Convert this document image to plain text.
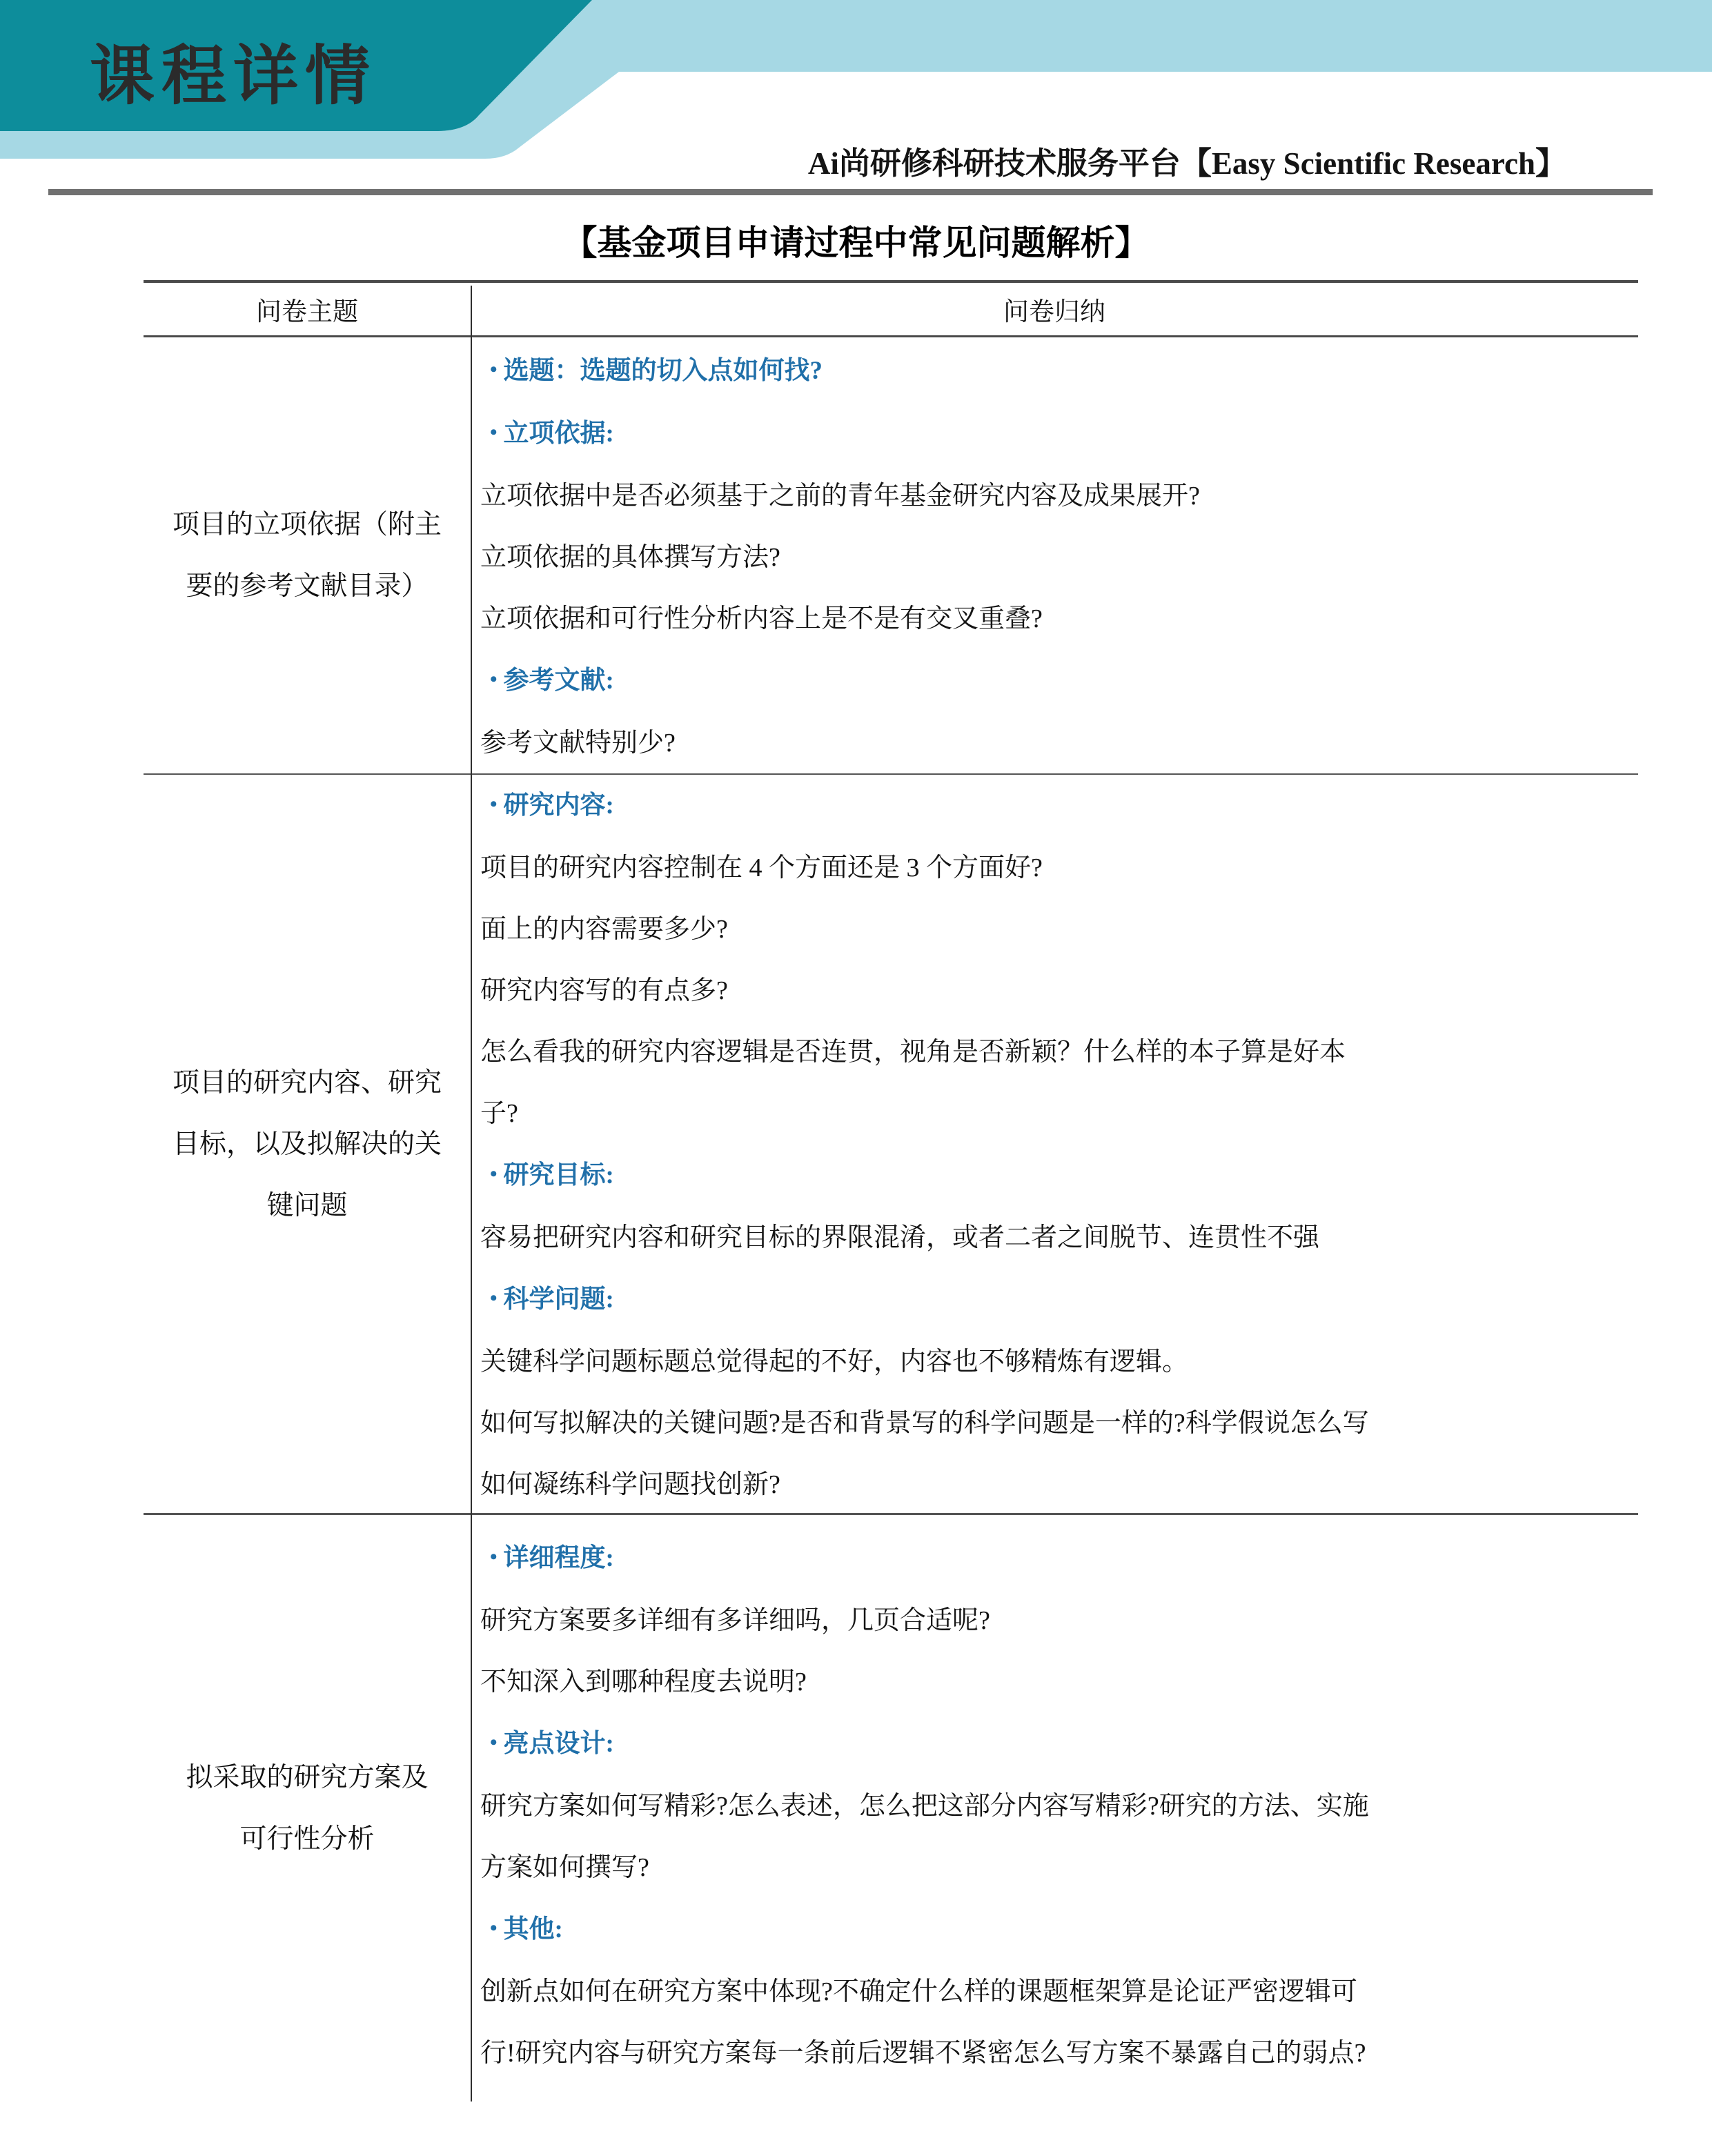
课程详情
Ai尚研修科研技术服务平台【Easy Scientific Research】
【基金项目申请过程中常见问题解析】
问卷主题	问卷归纳
项目的立项依据（附主
要的参考文献目录）
• 选题：选题的切入点如何找?
• 立项依据:
立项依据中是否必须基于之前的青年基金研究内容及成果展开?
立项依据的具体撰写方法?
立项依据和可行性分析内容上是不是有交叉重叠?
• 参考文献:
参考文献特别少?
项目的研究内容、研究
目标，以及拟解决的关
键问题
• 研究内容:
项目的研究内容控制在 4 个方面还是 3 个方面好?
面上的内容需要多少?
研究内容写的有点多?
怎么看我的研究内容逻辑是否连贯，视角是否新颖？什么样的本子算是好本
子?
• 研究目标:
容易把研究内容和研究目标的界限混淆，或者二者之间脱节、连贯性不强
• 科学问题:
关键科学问题标题总觉得起的不好，内容也不够精炼有逻辑。
如何写拟解决的关键问题?是否和背景写的科学问题是一样的?科学假说怎么写
如何凝练科学问题找创新?
拟采取的研究方案及
可行性分析
• 详细程度:
研究方案要多详细有多详细吗，几页合适呢?
不知深入到哪种程度去说明?
• 亮点设计:
研究方案如何写精彩?怎么表述，怎么把这部分内容写精彩?研究的方法、实施
方案如何撰写?
• 其他:
创新点如何在研究方案中体现?不确定什么样的课题框架算是论证严密逻辑可
行!研究内容与研究方案每一条前后逻辑不紧密怎么写方案不暴露自己的弱点?
